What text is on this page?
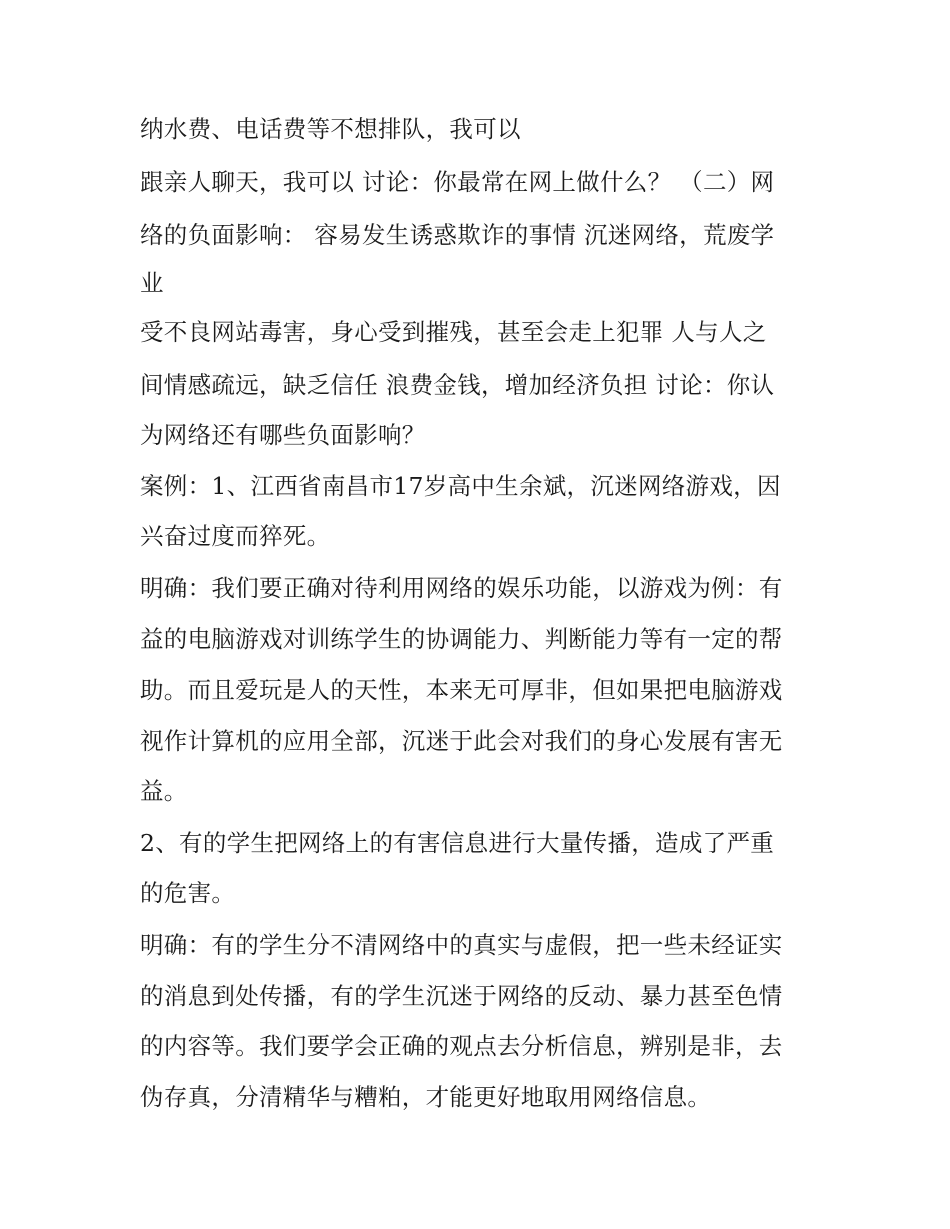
纳水费、电话费等不想排队，我可以

跟亲人聊天，我可以 讨论：你最常在网上做什么？ （二）网

络的负面影响： 容易发生诱惑欺诈的事情 沉迷网络，荒废学

业

受不良网站毒害，身心受到摧残，甚至会走上犯罪 人与人之

间情感疏远，缺乏信任 浪费金钱，增加经济负担 讨论：你认

为网络还有哪些负面影响？

案例：1、江西省南昌市17岁高中生余斌，沉迷网络游戏，因

兴奋过度而猝死。

明确：我们要正确对待利用网络的娱乐功能，以游戏为例：有

益的电脑游戏对训练学生的协调能力、判断能力等有一定的帮

助。而且爱玩是人的天性，本来无可厚非，但如果把电脑游戏

视作计算机的应用全部，沉迷于此会对我们的身心发展有害无

益。

2、有的学生把网络上的有害信息进行大量传播，造成了严重

的危害。

明确：有的学生分不清网络中的真实与虚假，把一些未经证实

的消息到处传播，有的学生沉迷于网络的反动、暴力甚至色情

的内容等。我们要学会正确的观点去分析信息，辨别是非，去

伪存真，分清精华与糟粕，才能更好地取用网络信息。
